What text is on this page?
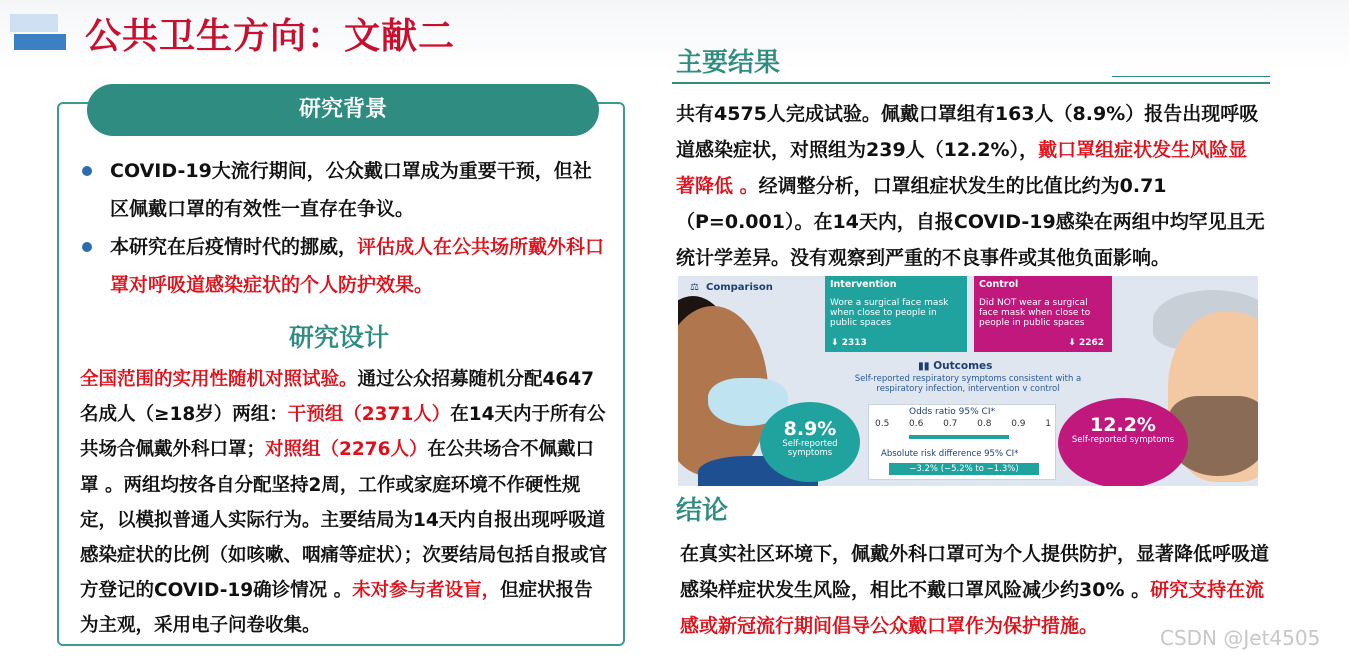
公共卫生方向：文献二
研究背景
COVID-19大流行期间，公众戴口罩成为重要干预，但社区佩戴口罩的有效性一直存在争议。
本研究在后疫情时代的挪威，评估成人在公共场所戴外科口罩对呼吸道感染症状的个人防护效果。
研究设计
全国范围的实用性随机对照试验。通过公众招募随机分配4647名成人（≥18岁）两组：干预组（2371人）在14天内于所有公共场合佩戴外科口罩；对照组（2276人）在公共场合不佩戴口罩 。两组均按各自分配坚持2周，工作或家庭环境不作硬性规定，以模拟普通人实际行为。主要结局为14天内自报出现呼吸道感染症状的比例（如咳嗽、咽痛等症状）；次要结局包括自报或官方登记的COVID-19确诊情况 。未对参与者设盲，但症状报告为主观，采用电子问卷收集。
主要结果
共有4575人完成试验。佩戴口罩组有163人（8.9%）报告出现呼吸道感染症状，对照组为239人（12.2%），戴口罩组症状发生风险显著降低 。经调整分析，口罩组症状发生的比值比约为0.71（P=0.001）。在14天内，自报COVID-19感染在两组中均罕见且无统计学差异。没有观察到严重的不良事件或其他负面影响。
⚖ Comparison	Intervention
Wore a surgical face mask when close to people in public spaces
⬇ 2313
Control
Did NOT wear a surgical face mask when close to people in public spaces
⬇ 2262
▮▮ Outcomes
Self-reported respiratory symptoms consistent with a respiratory infection, intervention v control
8.9%
Self-reported symptoms
12.2%
Self-reported symptoms
Odds ratio 95% CI*
0.5 0.6 0.7 0.8 0.9 1
Absolute risk difference 95% CI*
−3.2% (−5.2% to −1.3%)
结论
在真实社区环境下，佩戴外科口罩可为个人提供防护，显著降低呼吸道感染样症状发生风险，相比不戴口罩风险减少约30% 。研究支持在流感或新冠流行期间倡导公众戴口罩作为保护措施。	CSDN @Jet4505
